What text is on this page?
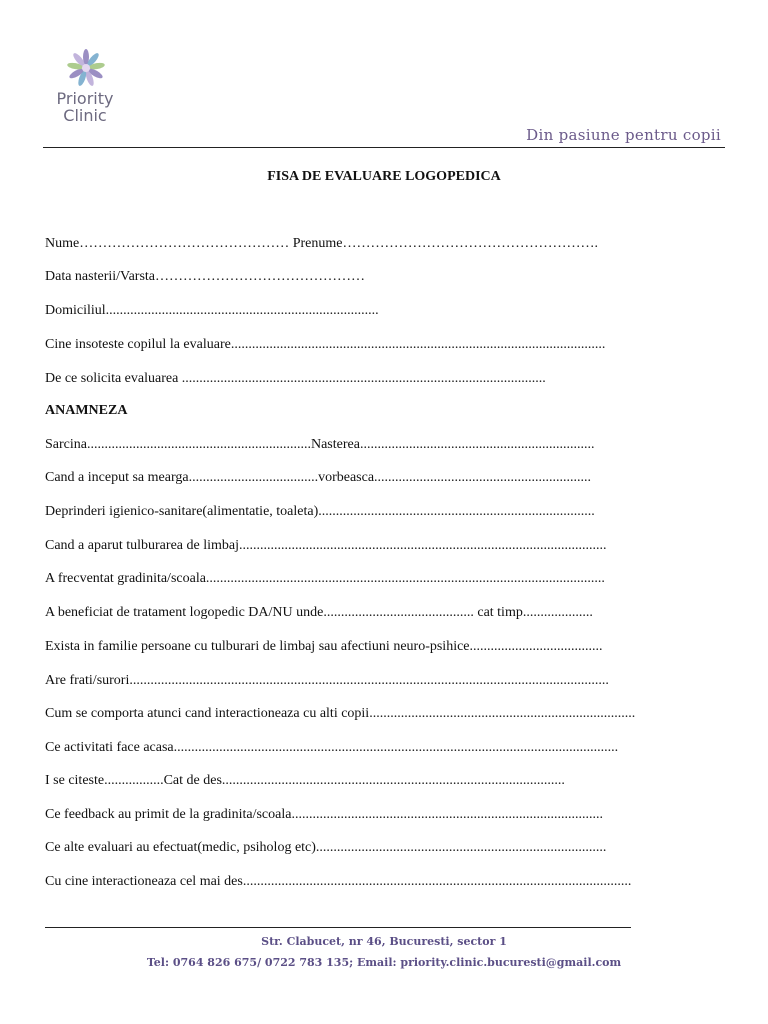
Priority
Clinic
Din pasiune pentru copii
FISA DE EVALUARE LOGOPEDICA
Nume……………………………………… Prenume……………………………………………….
Data nasterii/Varsta………………………………………
Domiciliul..............................................................................
Cine insoteste copilul la evaluare...........................................................................................................
De ce solicita evaluarea ........................................................................................................
ANAMNEZA
Sarcina................................................................Nasterea...................................................................
Cand a inceput sa mearga.....................................vorbeasca..............................................................
Deprinderi igienico-sanitare(alimentatie, toaleta)...............................................................................
Cand a aparut tulburarea de limbaj.........................................................................................................
A frecventat gradinita/scoala..................................................................................................................
A beneficiat de tratament logopedic DA/NU unde........................................... cat timp....................
Exista in familie persoane cu tulburari de limbaj sau afectiuni neuro-psihice......................................
Are frati/surori.........................................................................................................................................
Cum se comporta atunci cand interactioneaza cu alti copii............................................................................
Ce activitati face acasa...............................................................................................................................
I se citeste.................Cat de des..................................................................................................
Ce feedback au primit de la gradinita/scoala.........................................................................................
Ce alte evaluari au efectuat(medic, psiholog etc)...................................................................................
Cu cine interactioneaza cel mai des...............................................................................................................
Str. Clabucet, nr 46, Bucuresti, sector 1
Tel: 0764 826 675/ 0722 783 135; Email: priority.clinic.bucuresti@gmail.com
